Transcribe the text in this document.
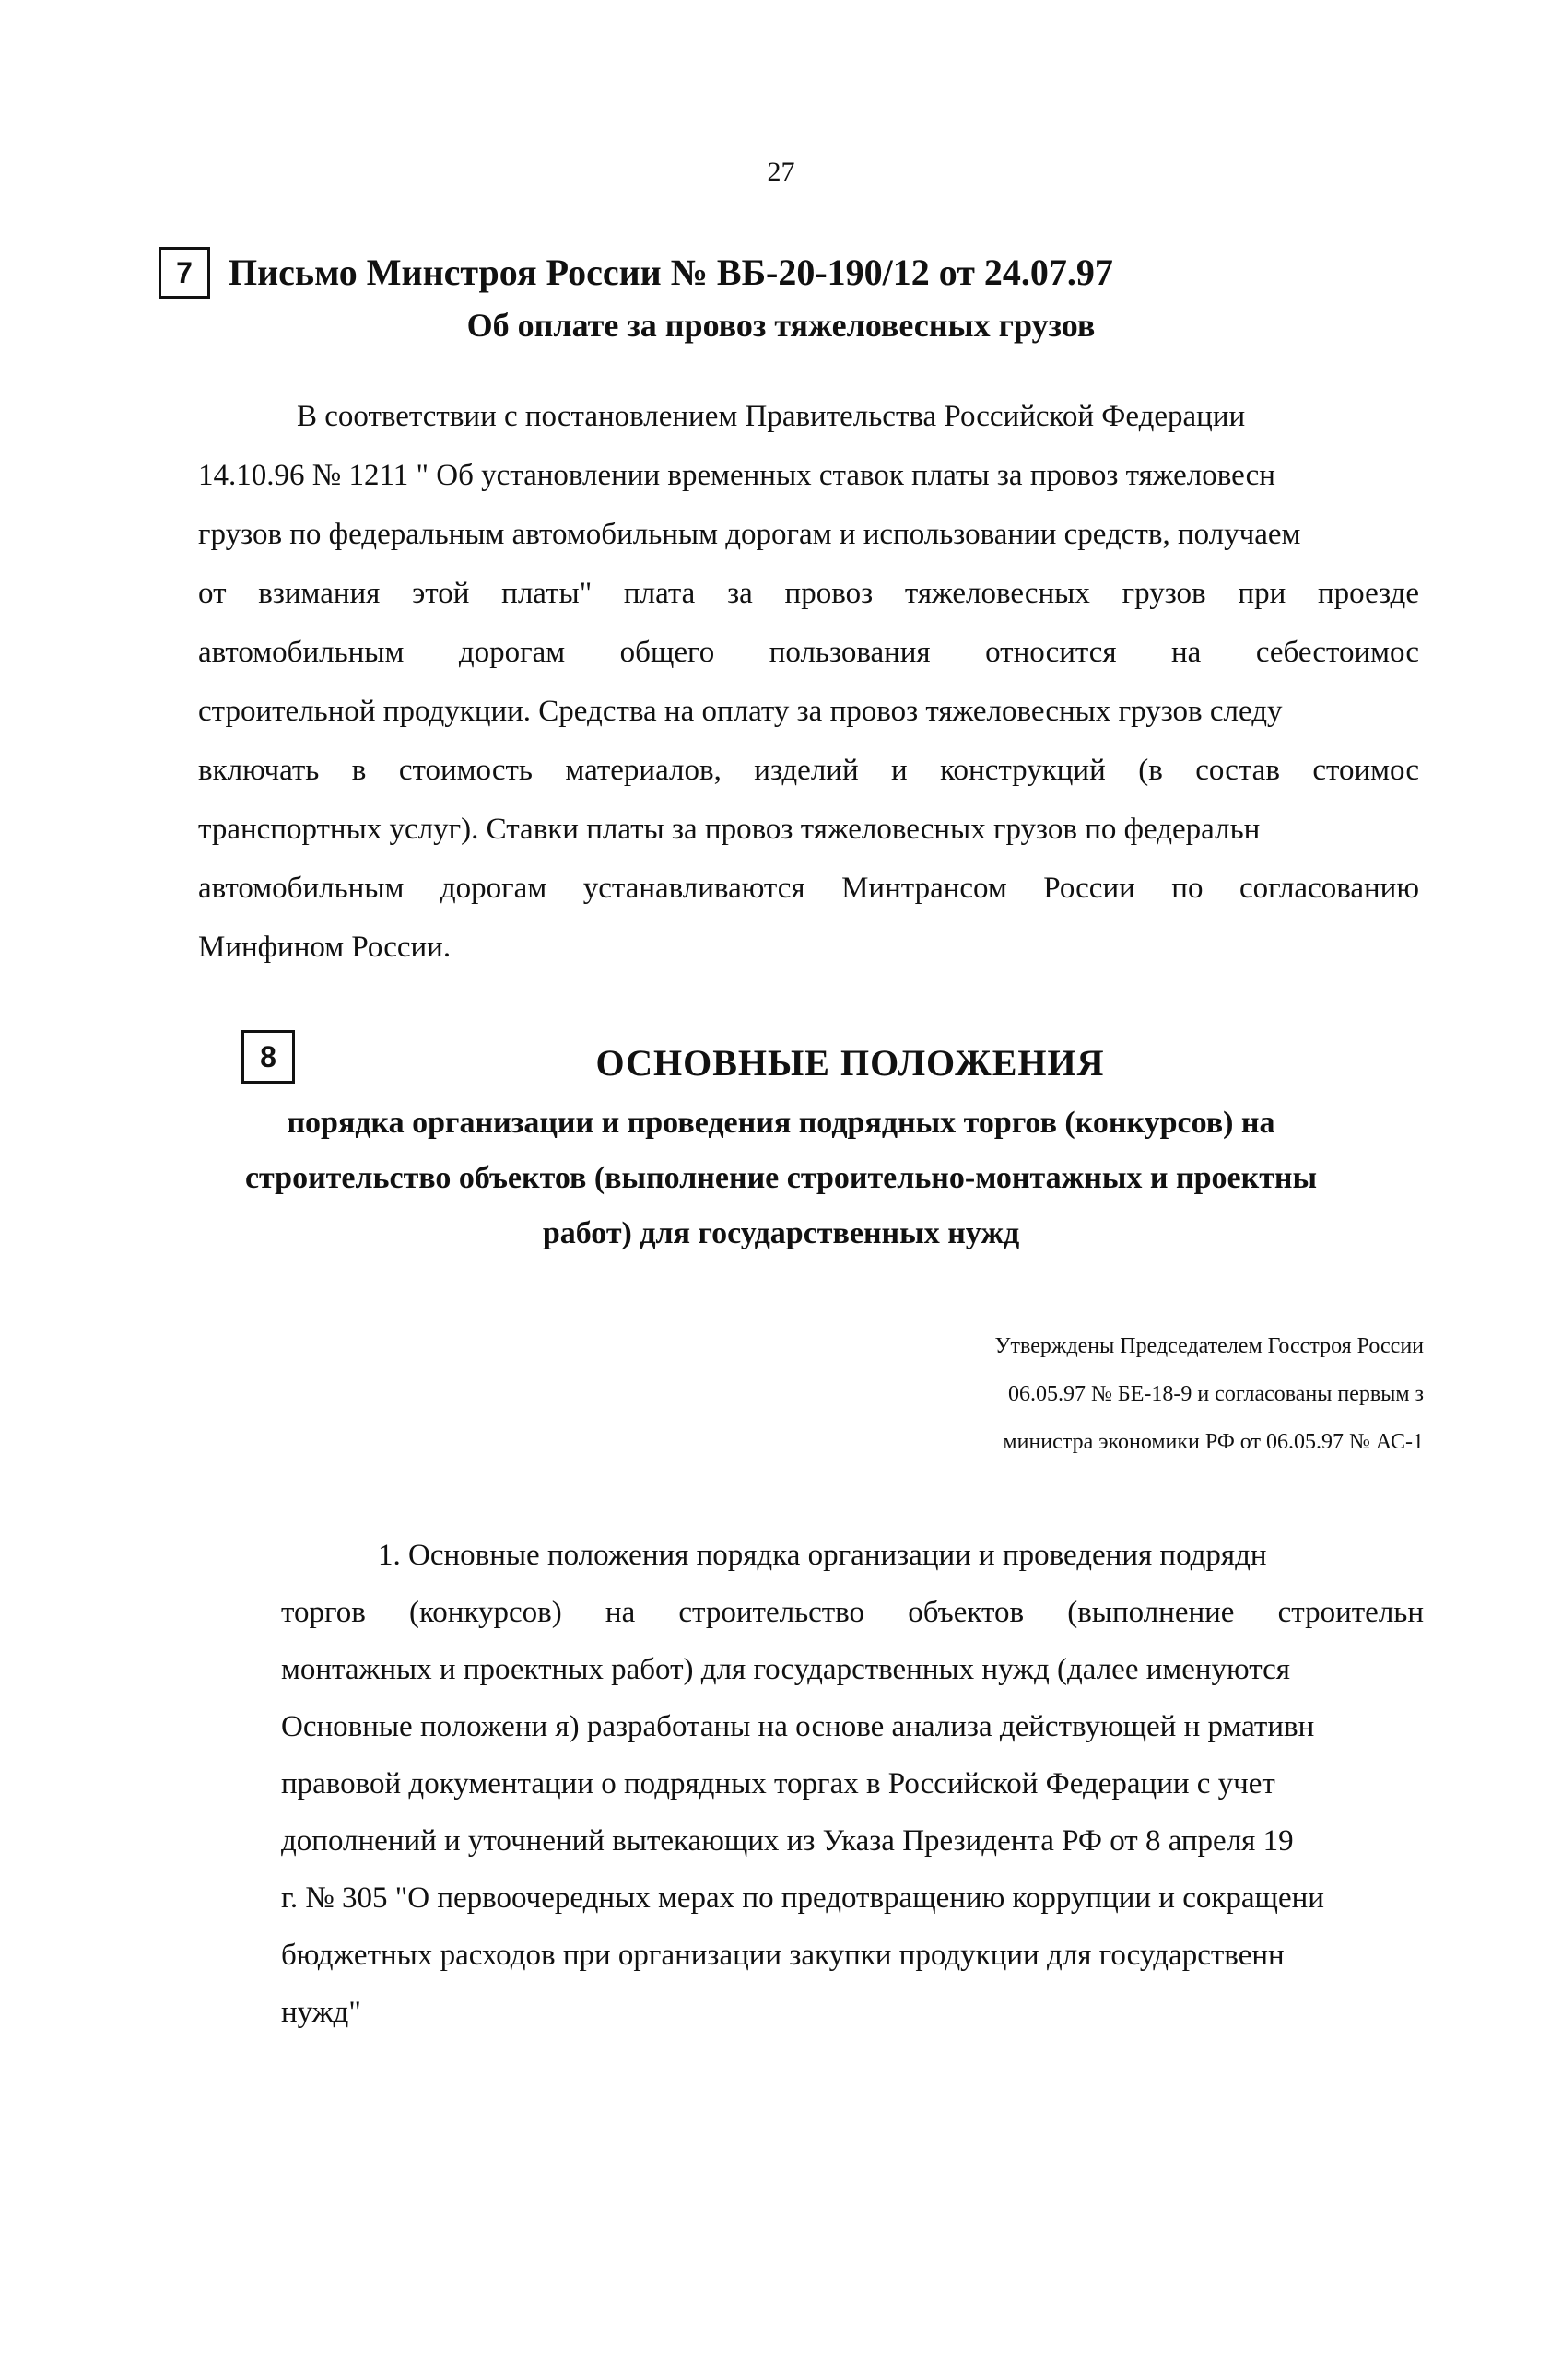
27
7 Письмо Минстроя России № ВБ-20-190/12 от 24.07.97
Об оплате за провоз тяжеловесных грузов
В соответствии с постановлением Правительства Российской Федерации
14.10.96 № 1211 " Об установлении временных ставок платы за провоз тяжеловесн
грузов по федеральным автомобильным дорогам и использовании средств, получаем
от взимания этой платы" плата за провоз тяжеловесных грузов при проезде
автомобильным дорогам общего пользования относится на себестоимос
строительной продукции. Средства на оплату за провоз тяжеловесных грузов следу
включать в стоимость материалов, изделий и конструкций (в состав стоимос
транспортных услуг). Ставки платы за провоз тяжеловесных грузов по федеральн
автомобильным дорогам устанавливаются Минтрансом России по согласованию
Минфином России.
8	ОСНОВНЫЕ ПОЛОЖЕНИЯ
порядка организации и проведения подрядных торгов (конкурсов) на
строительство объектов (выполнение строительно-монтажных и проектны
работ) для государственных нужд
Утверждены Председателем Госстроя России
06.05.97 № БЕ-18-9 и согласованы первым з
министра экономики РФ от 06.05.97 № АС-1
1. Основные положения порядка организации и проведения подрядн
торгов (конкурсов) на строительство объектов (выполнение строительн
монтажных и проектных работ) для государственных нужд (далее именуются
Основные положени я) разработаны на основе анализа действующей н рмативн
правовой документации о подрядных торгах в Российской Федерации с учет
дополнений и уточнений вытекающих из Указа Президента РФ от 8 апреля 19
г. № 305 "О первоочередных мерах по предотвращению коррупции и сокращени
бюджетных расходов при организации закупки продукции для государственн
нужд"
